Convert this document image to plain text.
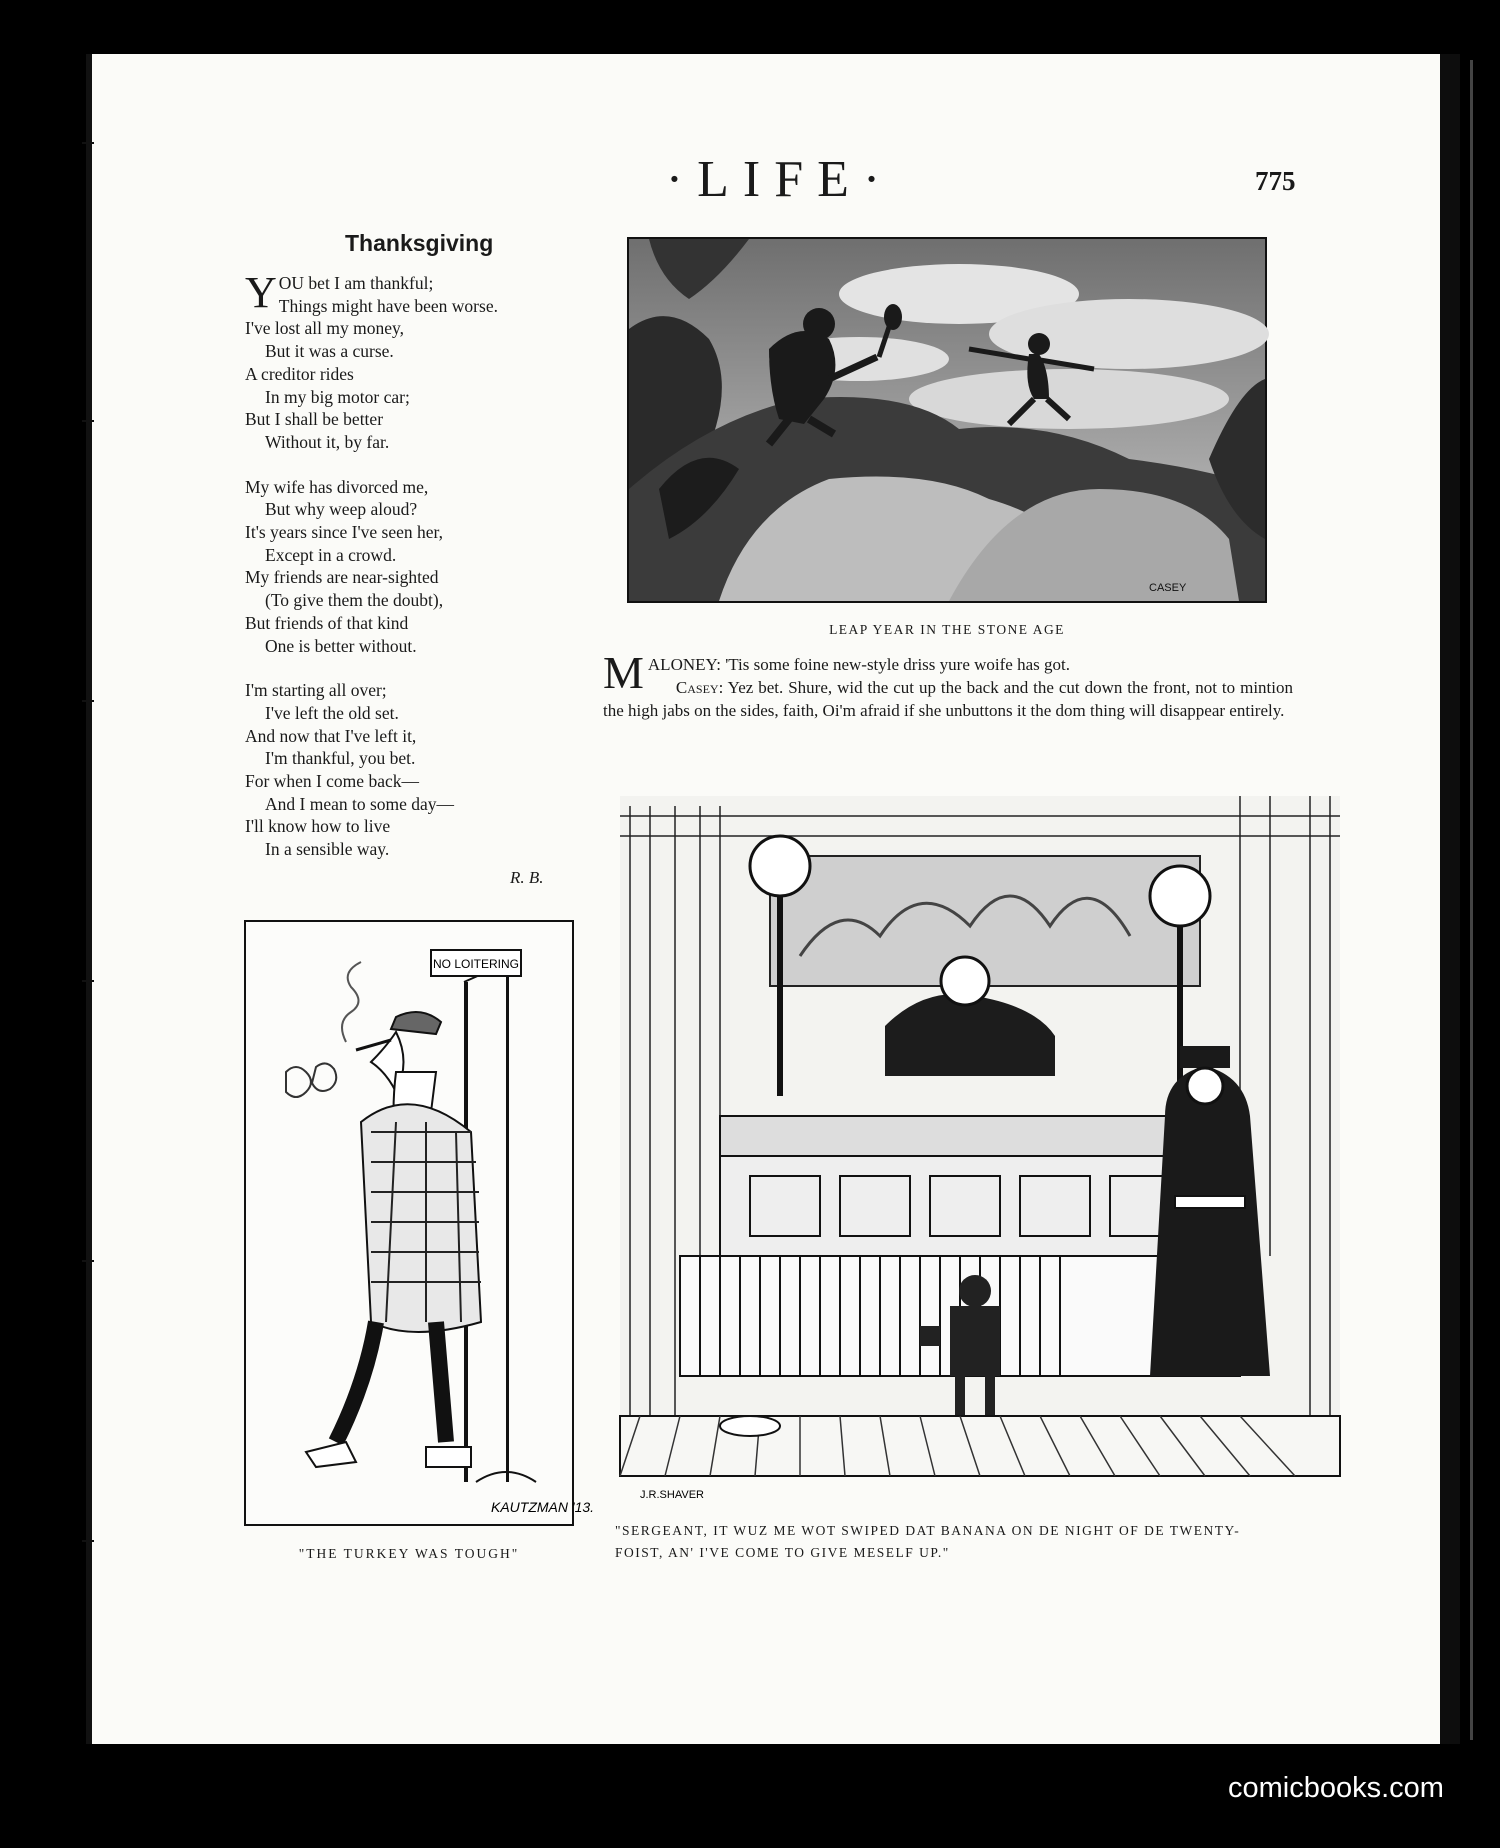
·LIFE·	775
Thanksgiving
Y OU bet I am thankful;
Things might have been worse.
I've lost all my money,
But it was a curse.
A creditor rides
In my big motor car;
But I shall be better
Without it, by far.
My wife has divorced me,
But why weep aloud?
It's years since I've seen her,
Except in a crowd.
My friends are near-sighted
(To give them the doubt),
But friends of that kind
One is better without.
I'm starting all over;
I've left the old set.
And now that I've left it,
I'm thankful, you bet.
For when I come back—
And I mean to some day—
I'll know how to live
In a sensible way.
R. B.
CASEY
LEAP YEAR IN THE STONE AGE
M ALONEY: 'Tis some foine new-style driss yure woife has got.
Casey: Yez bet. Shure, wid the cut up the back and the cut down the front, not to mintion the high jabs on the sides, faith, Oi'm afraid if she unbuttons it the dom thing will disappear entirely.
NO LOITERING
KAUTZMAN '13.
"THE TURKEY WAS TOUGH"
J.R.SHAVER
"SERGEANT, IT WUZ ME WOT SWIPED DAT BANANA ON DE NIGHT OF DE TWENTY-FOIST, AN' I'VE COME TO GIVE MESELF UP."
comicbooks.com
